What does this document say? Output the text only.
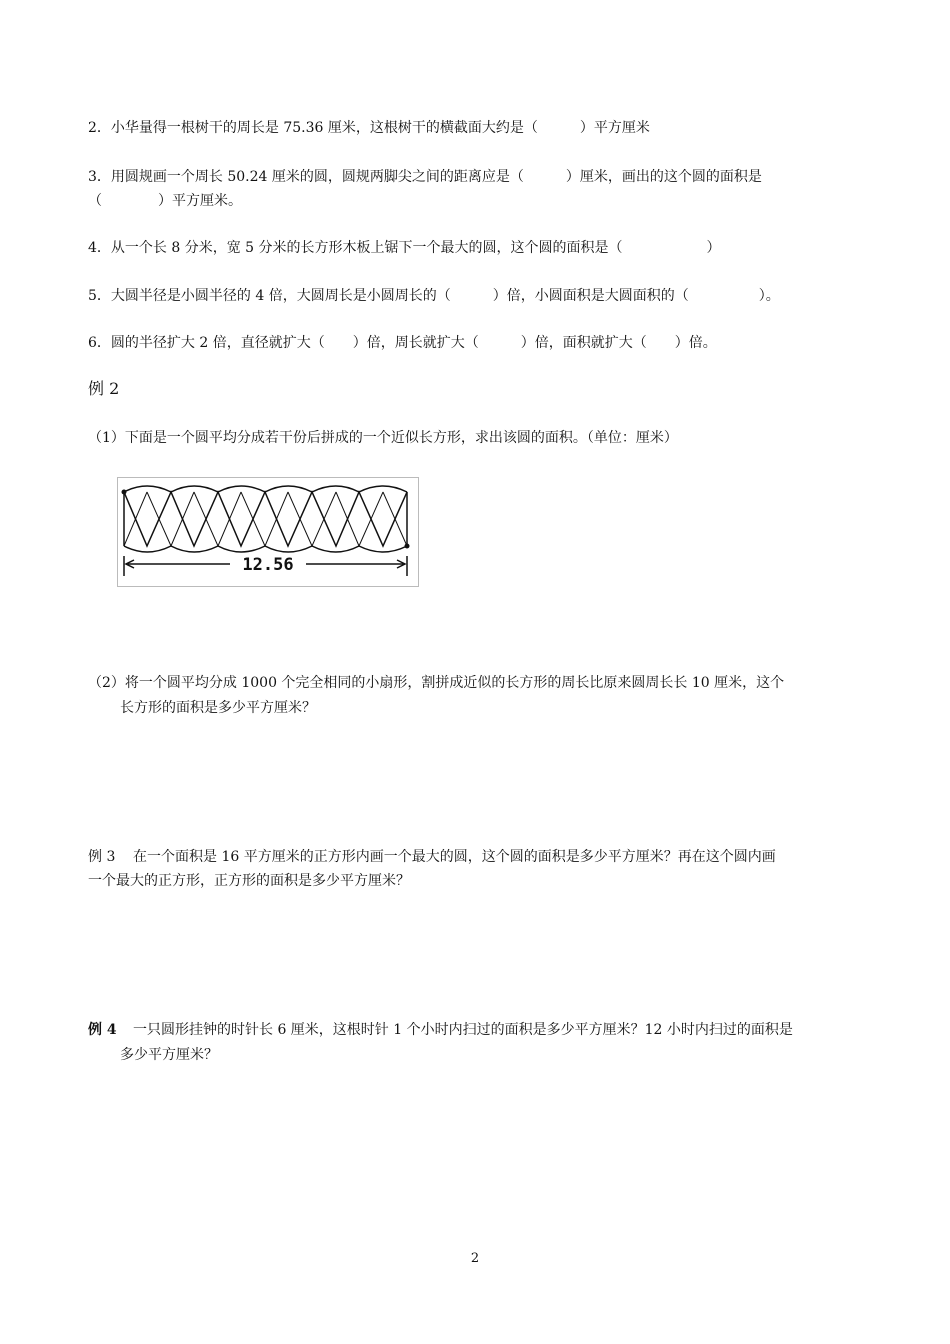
2．小华量得一根树干的周长是 75.36 厘米，这根树干的横截面大约是（　　　）平方厘米
3．用圆规画一个周长 50.24 厘米的圆，圆规两脚尖之间的距离应是（　　　）厘米，画出的这个圆的面积是
（　　　　）平方厘米。
4．从一个长 8 分米，宽 5 分米的长方形木板上锯下一个最大的圆，这个圆的面积是（　　　　　　）
5．大圆半径是小圆半径的 4 倍，大圆周长是小圆周长的（　　　）倍，小圆面积是大圆面积的（　　　　　）。
6．圆的半径扩大 2 倍，直径就扩大（　　）倍，周长就扩大（　　　）倍，面积就扩大（　　）倍。
例 2
（1）下面是一个圆平均分成若干份后拼成的一个近似长方形，求出该圆的面积。（单位：厘米）
12.56
（2）将一个圆平均分成 1000 个完全相同的小扇形，割拼成近似的长方形的周长比原来圆周长长 10 厘米，这个
长方形的面积是多少平方厘米？
例 3 在一个面积是 16 平方厘米的正方形内画一个最大的圆，这个圆的面积是多少平方厘米？再在这个圆内画
一个最大的正方形，正方形的面积是多少平方厘米？
例 4 一只圆形挂钟的时针长 6 厘米，这根时针 1 个小时内扫过的面积是多少平方厘米？12 小时内扫过的面积是
多少平方厘米？
2
